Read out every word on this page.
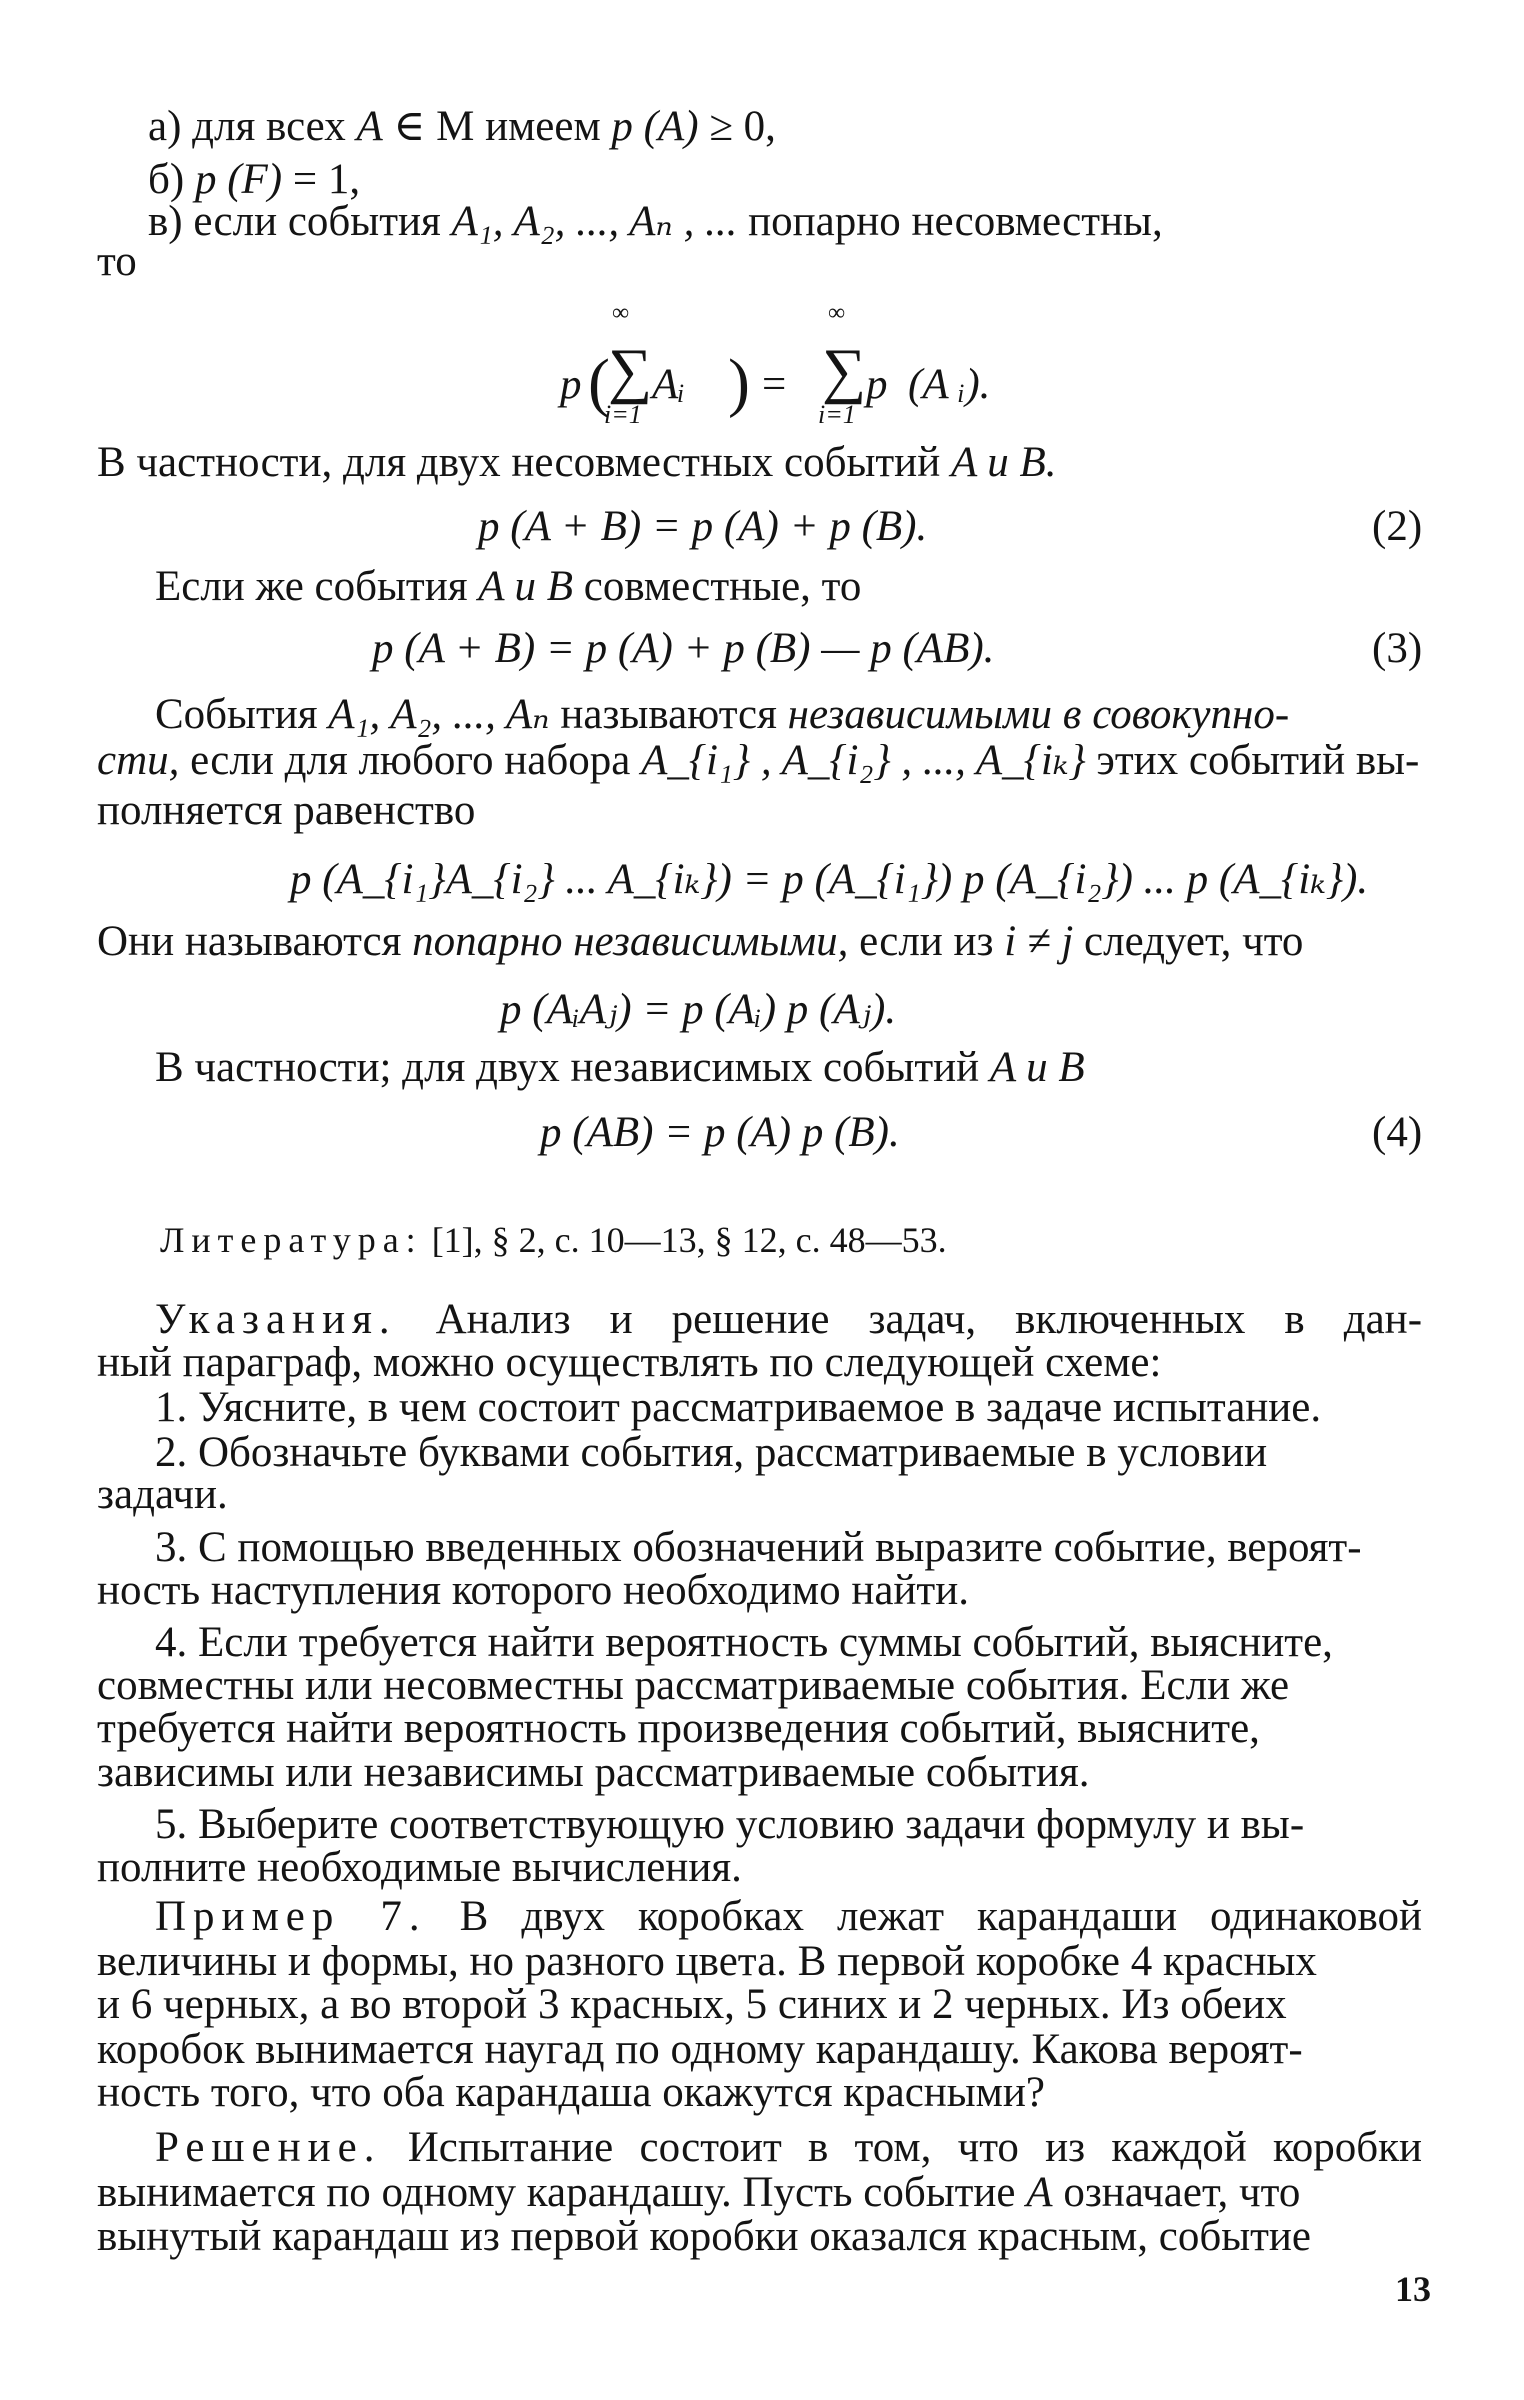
а) для всех A ∈ M имеем p (A) ≥ 0,
б) p (F) = 1,
в) если события A₁, A₂, ..., Aₙ , ... попарно несовместны,
то
p (
∞
∑
i=1
Aᵢ ) =
∞
∑
i=1
p (A ᵢ).
В частности, для двух несовместных событий A и B.
p (A + B) = p (A) + p (B).	(2)
Если же события A и B совместные, то
p (A + B) = p (A) + p (B) — p (AB).	(3)
События A₁, A₂, ..., Aₙ называются независимыми в совокупно-
сти, если для любого набора A_{i₁} , A_{i₂} , ..., A_{iₖ} этих событий вы-
полняется равенство
p (A_{i₁}A_{i₂} ... A_{iₖ}) = p (A_{i₁}) p (A_{i₂}) ... p (A_{iₖ}).
Они называются попарно независимыми, если из i ≠ j следует, что
p (AᵢAⱼ) = p (Aᵢ) p (Aⱼ).
В частности; для двух независимых событий A и B
p (AB) = p (A) p (B).	(4)
Литература: [1], § 2, с. 10—13, § 12, с. 48—53.
Указания. Анализ и решение задач, включенных в дан-
ный параграф, можно осуществлять по следующей схеме:
1. Уясните, в чем состоит рассматриваемое в задаче испытание.
2. Обозначьте буквами события, рассматриваемые в условии
задачи.
3. С помощью введенных обозначений выразите событие, вероят-
ность наступления которого необходимо найти.
4. Если требуется найти вероятность суммы событий, выясните,
совместны или несовместны рассматриваемые события. Если же
требуется найти вероятность произведения событий, выясните,
зависимы или независимы рассматриваемые события.
5. Выберите соответствующую условию задачи формулу и вы-
полните необходимые вычисления.
Пример 7. В двух коробках лежат карандаши одинаковой
величины и формы, но разного цвета. В первой коробке 4 красных
и 6 черных, а во второй 3 красных, 5 синих и 2 черных. Из обеих
коробок вынимается наугад по одному карандашу. Какова вероят-
ность того, что оба карандаша окажутся красными?
Решение. Испытание состоит в том, что из каждой коробки
вынимается по одному карандашу. Пусть событие A означает, что
вынутый карандаш из первой коробки оказался красным, событие
13
